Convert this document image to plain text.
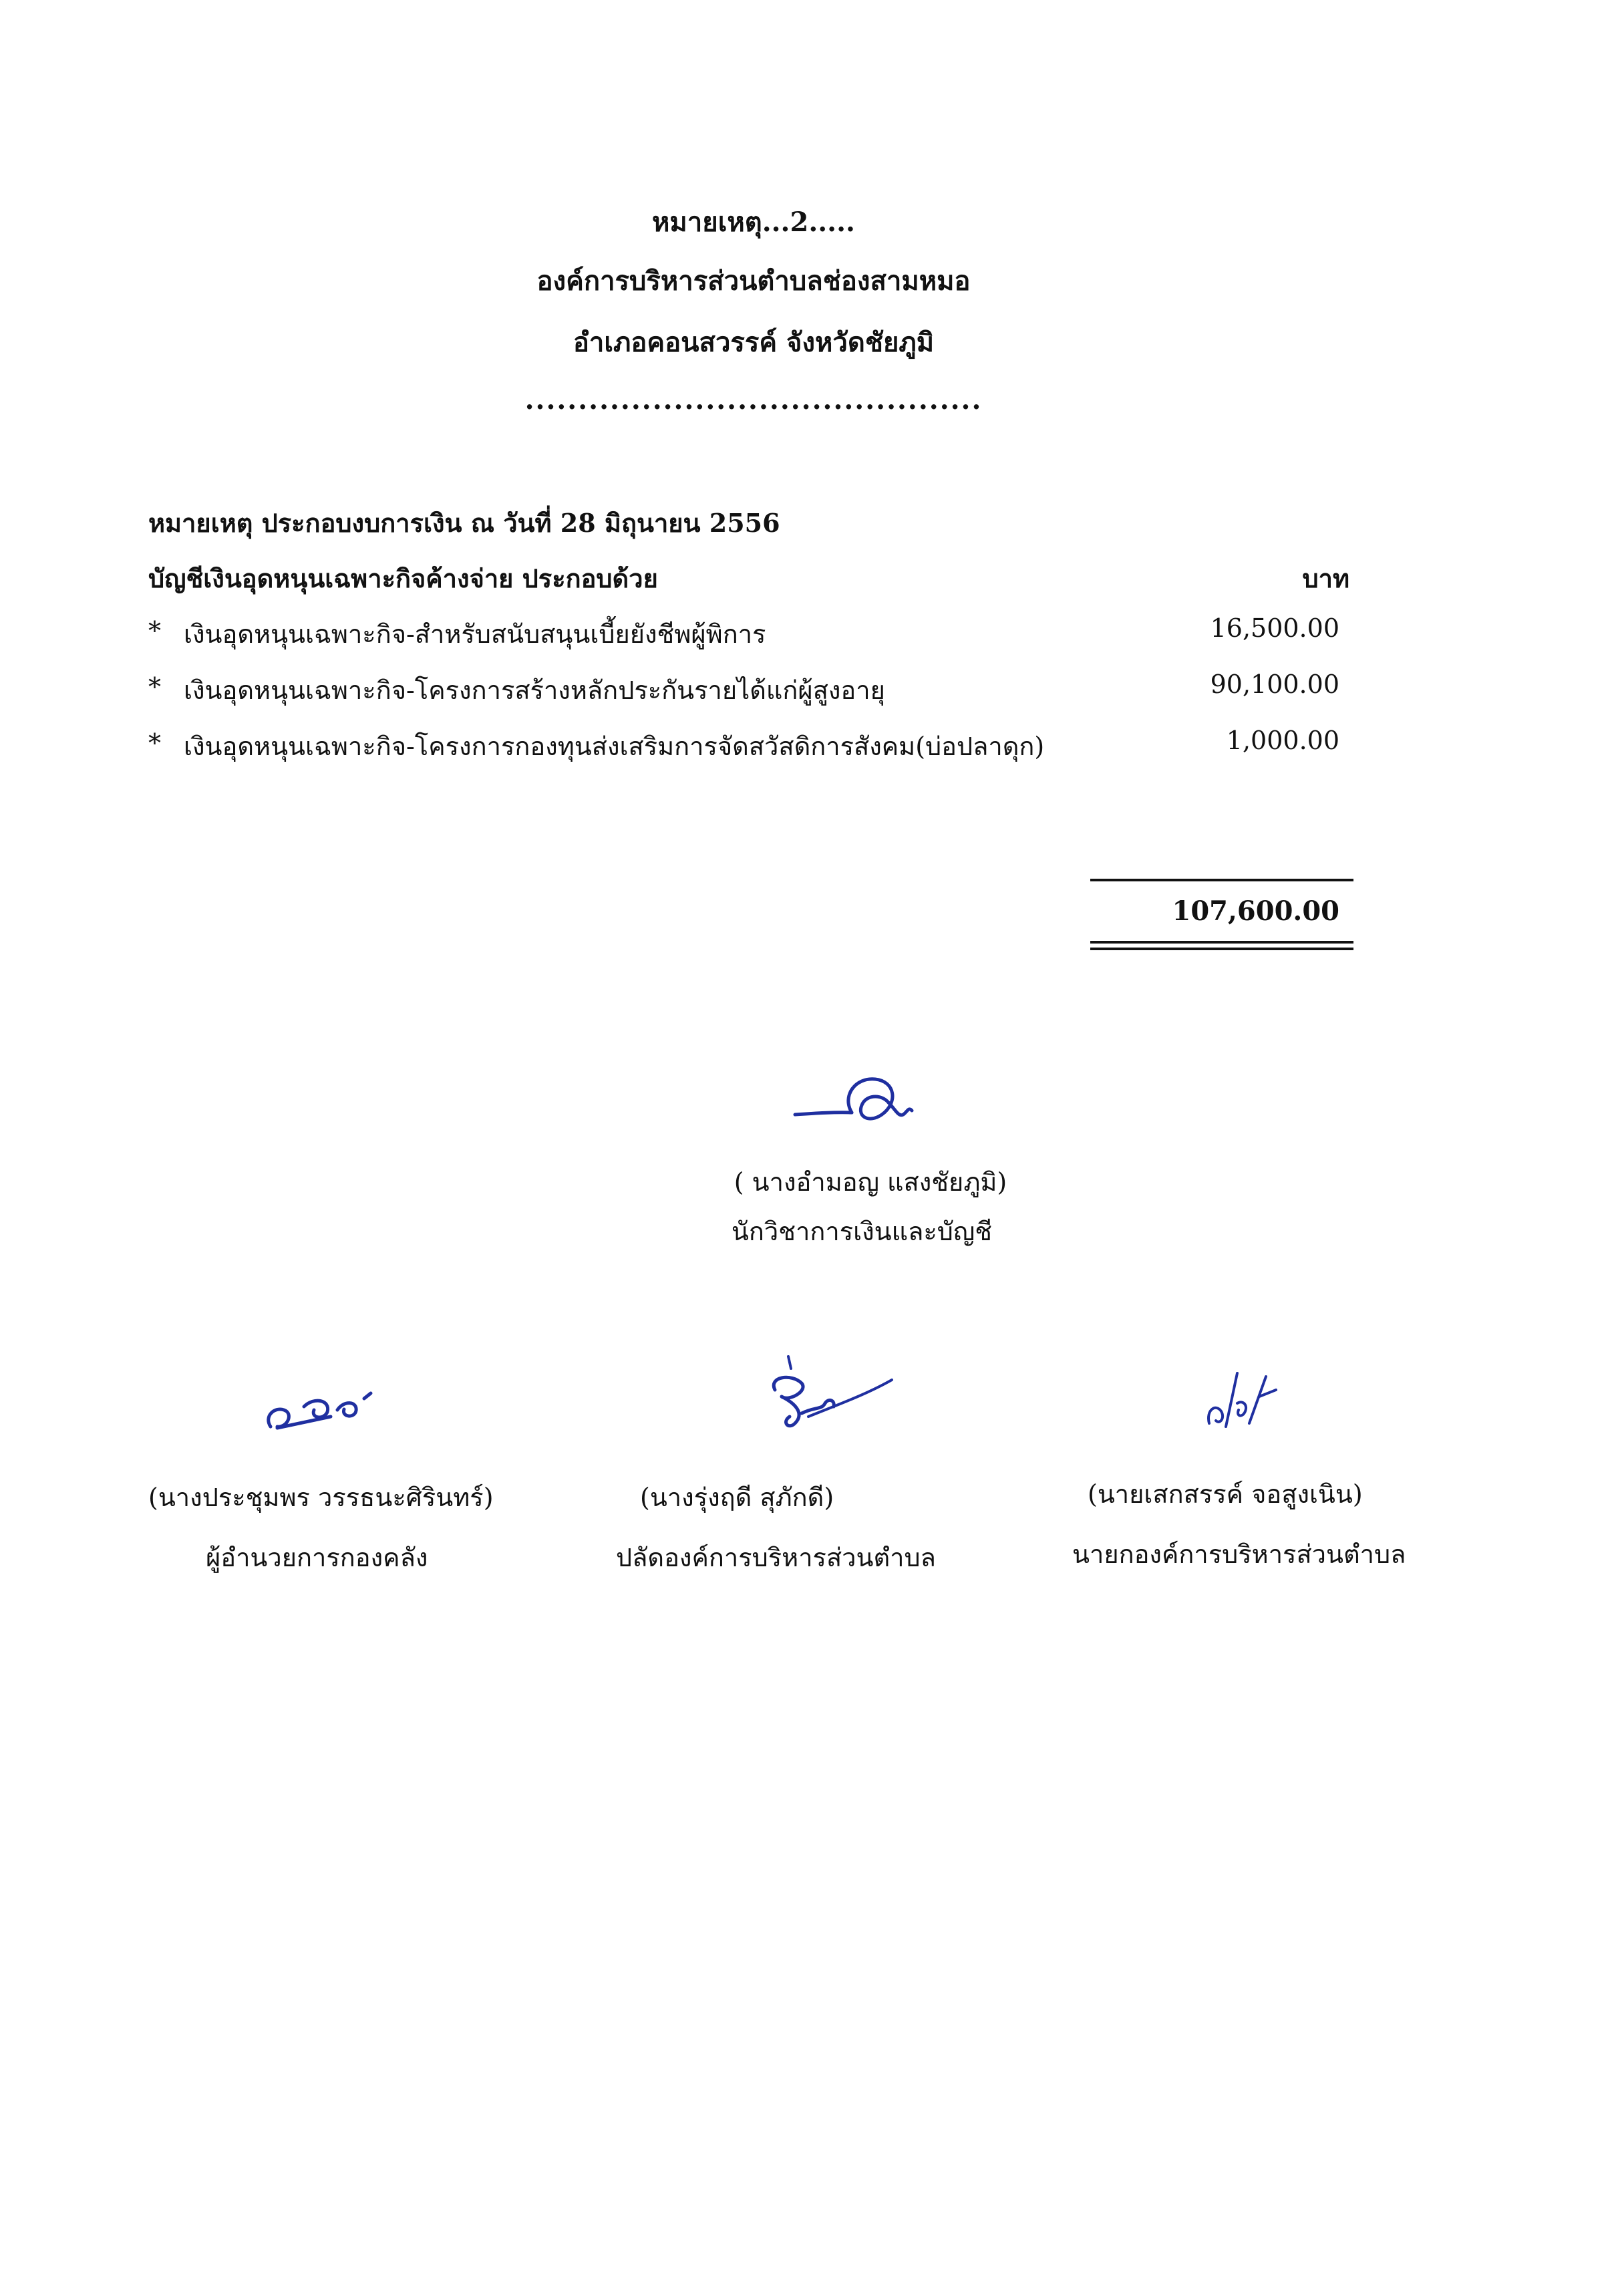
หมายเหตุ...2.....
องค์การบริหารส่วนตำบลช่องสามหมอ
อำเภอคอนสวรรค์ จังหวัดชัยภูมิ
...........................................
หมายเหตุ ประกอบงบการเงิน ณ วันที่ 28 มิถุนายน 2556
บัญชีเงินอุดหนุนเฉพาะกิจค้างจ่าย ประกอบด้วย	บาท
* เงินอุดหนุนเฉพาะกิจ-สำหรับสนับสนุนเบี้ยยังชีพผู้พิการ	16,500.00
* เงินอุดหนุนเฉพาะกิจ-โครงการสร้างหลักประกันรายได้แก่ผู้สูงอายุ	90,100.00
* เงินอุดหนุนเฉพาะกิจ-โครงการกองทุนส่งเสริมการจัดสวัสดิการสังคม(บ่อปลาดุก)	1,000.00
107,600.00
( นางอำมอญ แสงชัยภูมิ)
นักวิชาการเงินและบัญชี
(นางประชุมพร วรรธนะศิรินทร์)
ผู้อำนวยการกองคลัง
(นางรุ่งฤดี สุภักดี)
ปลัดองค์การบริหารส่วนตำบล
(นายเสกสรรค์ จอสูงเนิน)
นายกองค์การบริหารส่วนตำบล
